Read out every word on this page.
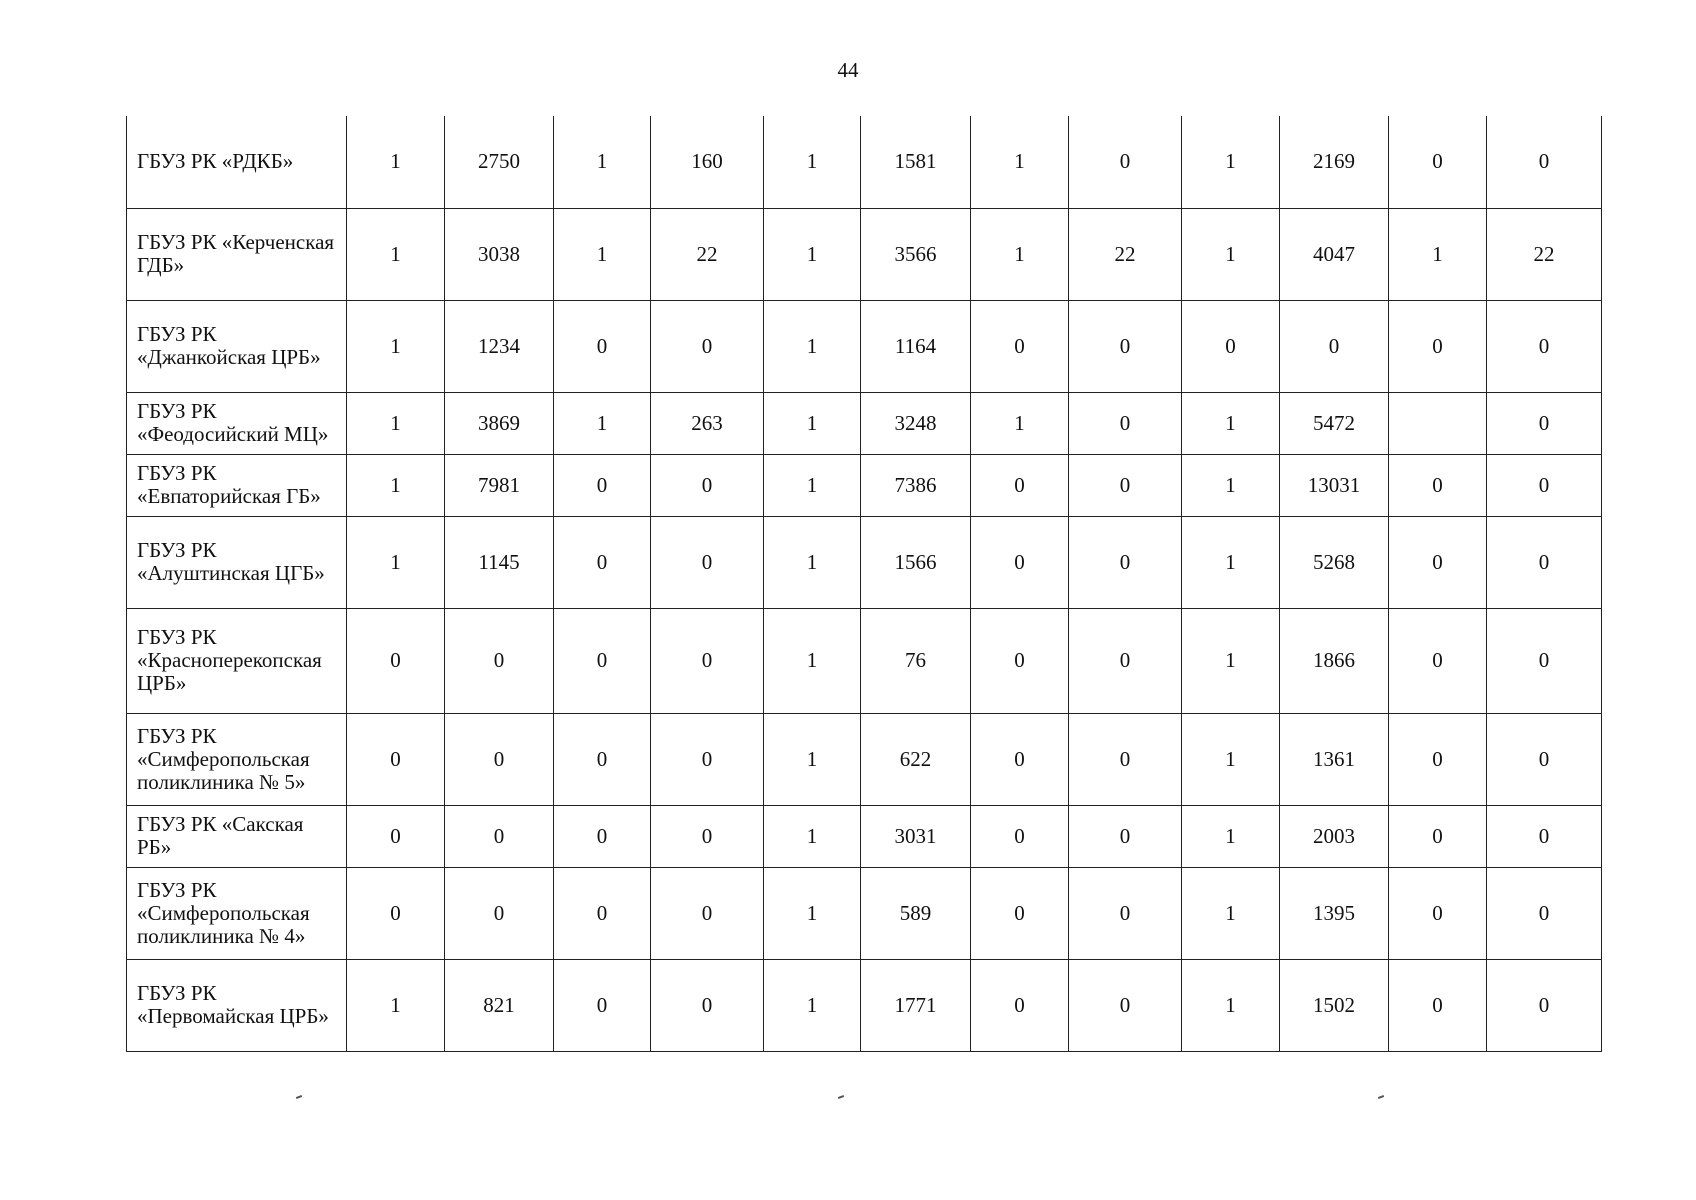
44
ГБУЗ РК «РДКБ»	1	2750	1	160	1	1581	1	0	1	2169	0	0

ГБУЗ РК «Керченская
ГДБ»	1	3038	1	22	1	3566	1	22	1	4047	1	22

ГБУЗ РК
«Джанкойская ЦРБ»	1	1234	0	0	1	1164	0	0	0	0	0	0

ГБУЗ РК
«Феодосийский МЦ»	1	3869	1	263	1	3248	1	0	1	5472		0

ГБУЗ РК
«Евпаторийская ГБ»	1	7981	0	0	1	7386	0	0	1	13031	0	0

ГБУЗ РК
«Алуштинская ЦГБ»	1	1145	0	0	1	1566	0	0	1	5268	0	0

ГБУЗ РК
«Красноперекопская
ЦРБ»	0	0	0	0	1	76	0	0	1	1866	0	0

ГБУЗ РК
«Симферопольская
поликлиника № 5»	0	0	0	0	1	622	0	0	1	1361	0	0

ГБУЗ РК «Сакская
РБ»	0	0	0	0	1	3031	0	0	1	2003	0	0

ГБУЗ РК
«Симферопольская
поликлиника № 4»	0	0	0	0	1	589	0	0	1	1395	0	0

ГБУЗ РК
«Первомайская ЦРБ»	1	821	0	0	1	1771	0	0	1	1502	0	0
